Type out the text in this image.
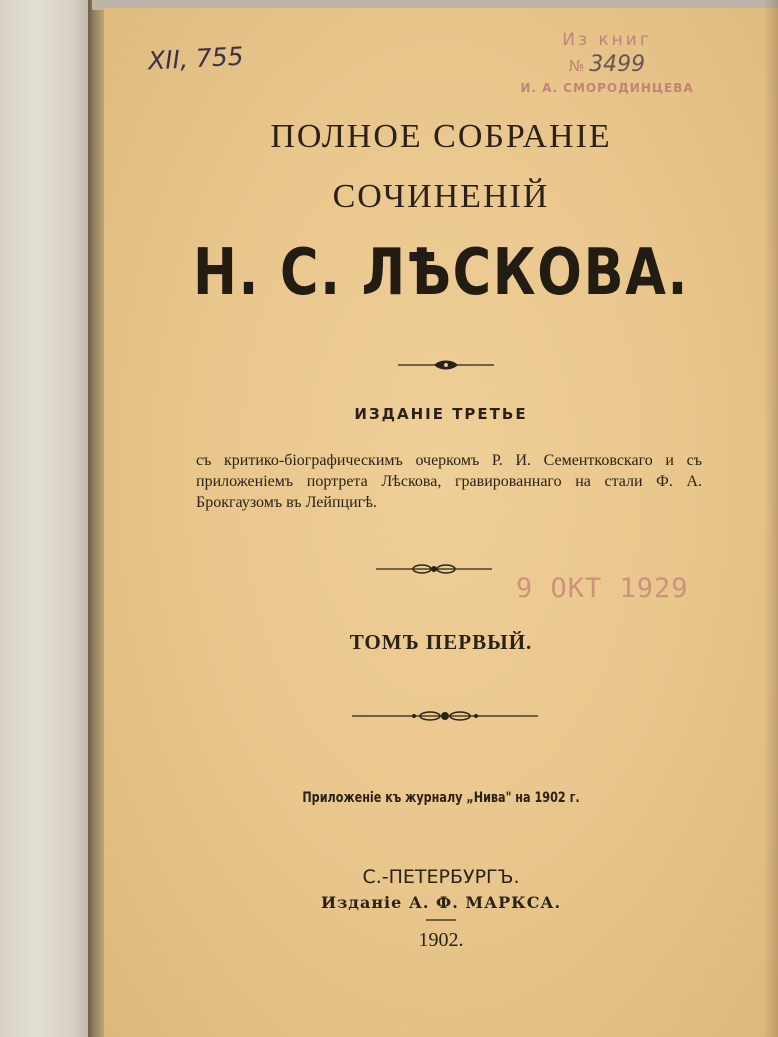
XII, 755
Из книг
№ 3499
И. А. СМОРОДИНЦЕВА
ПОЛНОЕ СОБРАНІЕ
СОЧИНЕНІЙ
Н. С. ЛѢСКОВА.
ИЗДАНІЕ ТРЕТЬЕ
съ критико-біографическимъ очеркомъ Р. И. Сементковскаго и съ приложеніемъ портрета Лѣскова, гравированнаго на стали Ф. А. Брокгаузомъ въ Лейпцигѣ.
9 ОКТ 1929
ТОМЪ ПЕРВЫЙ.
Приложеніе къ журналу „Нива" на 1902 г.
С.-ПЕТЕРБУРГЪ.
Изданіе А. Ф. МАРКСА.
1902.
